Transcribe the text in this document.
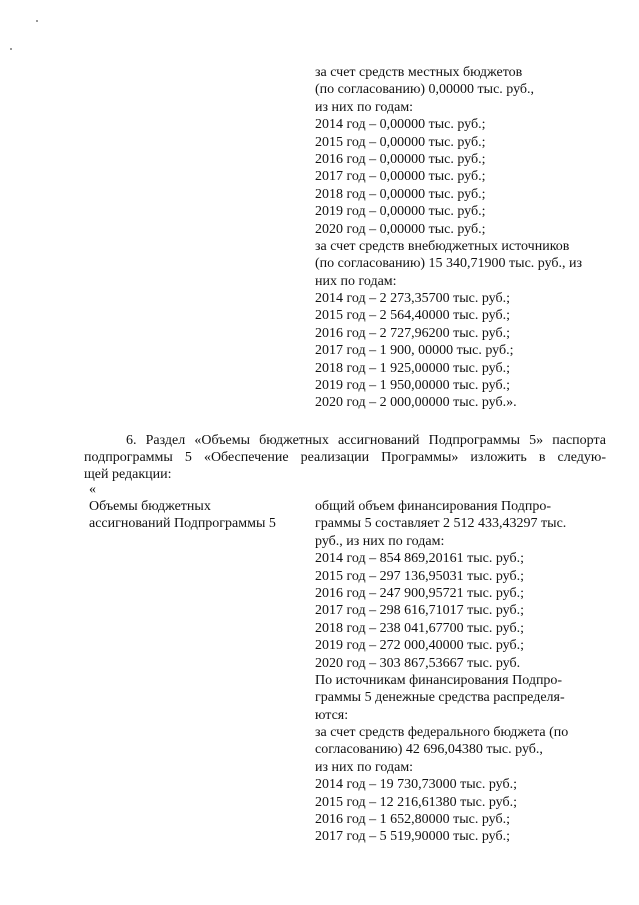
за счет средств местных бюджетов
(по согласованию) 0,00000 тыс. руб.,
из них по годам:
2014 год – 0,00000 тыс. руб.;
2015 год – 0,00000 тыс. руб.;
2016 год – 0,00000 тыс. руб.;
2017 год – 0,00000 тыс. руб.;
2018 год – 0,00000 тыс. руб.;
2019 год – 0,00000 тыс. руб.;
2020 год – 0,00000 тыс. руб.;
за счет средств внебюджетных источников
(по согласованию) 15 340,71900 тыс. руб., из
них по годам:
2014 год – 2 273,35700 тыс. руб.;
2015 год – 2 564,40000 тыс. руб.;
2016 год – 2 727,96200 тыс. руб.;
2017 год – 1 900, 00000 тыс. руб.;
2018 год – 1 925,00000 тыс. руб.;
2019 год – 1 950,00000 тыс. руб.;
2020 год – 2 000,00000 тыс. руб.».
6. Раздел «Объемы бюджетных ассигнований Подпрограммы 5» паспорта
подпрограммы 5 «Обеспечение реализации Программы» изложить в следую-
щей редакции:
«
Объемы бюджетных
ассигнований Подпрограммы 5
общий объем финансирования Подпро-
граммы 5 составляет 2 512 433,43297 тыс.
руб., из них по годам:
2014 год – 854 869,20161 тыс. руб.;
2015 год – 297 136,95031 тыс. руб.;
2016 год – 247 900,95721 тыс. руб.;
2017 год – 298 616,71017 тыс. руб.;
2018 год – 238 041,67700 тыс. руб.;
2019 год – 272 000,40000 тыс. руб.;
2020 год – 303 867,53667 тыс. руб.
По источникам финансирования Подпро-
граммы 5 денежные средства распределя-
ются:
за счет средств федерального бюджета (по
согласованию) 42 696,04380 тыс. руб.,
из них по годам:
2014 год – 19 730,73000 тыс. руб.;
2015 год – 12 216,61380 тыс. руб.;
2016 год – 1 652,80000 тыс. руб.;
2017 год – 5 519,90000 тыс. руб.;
